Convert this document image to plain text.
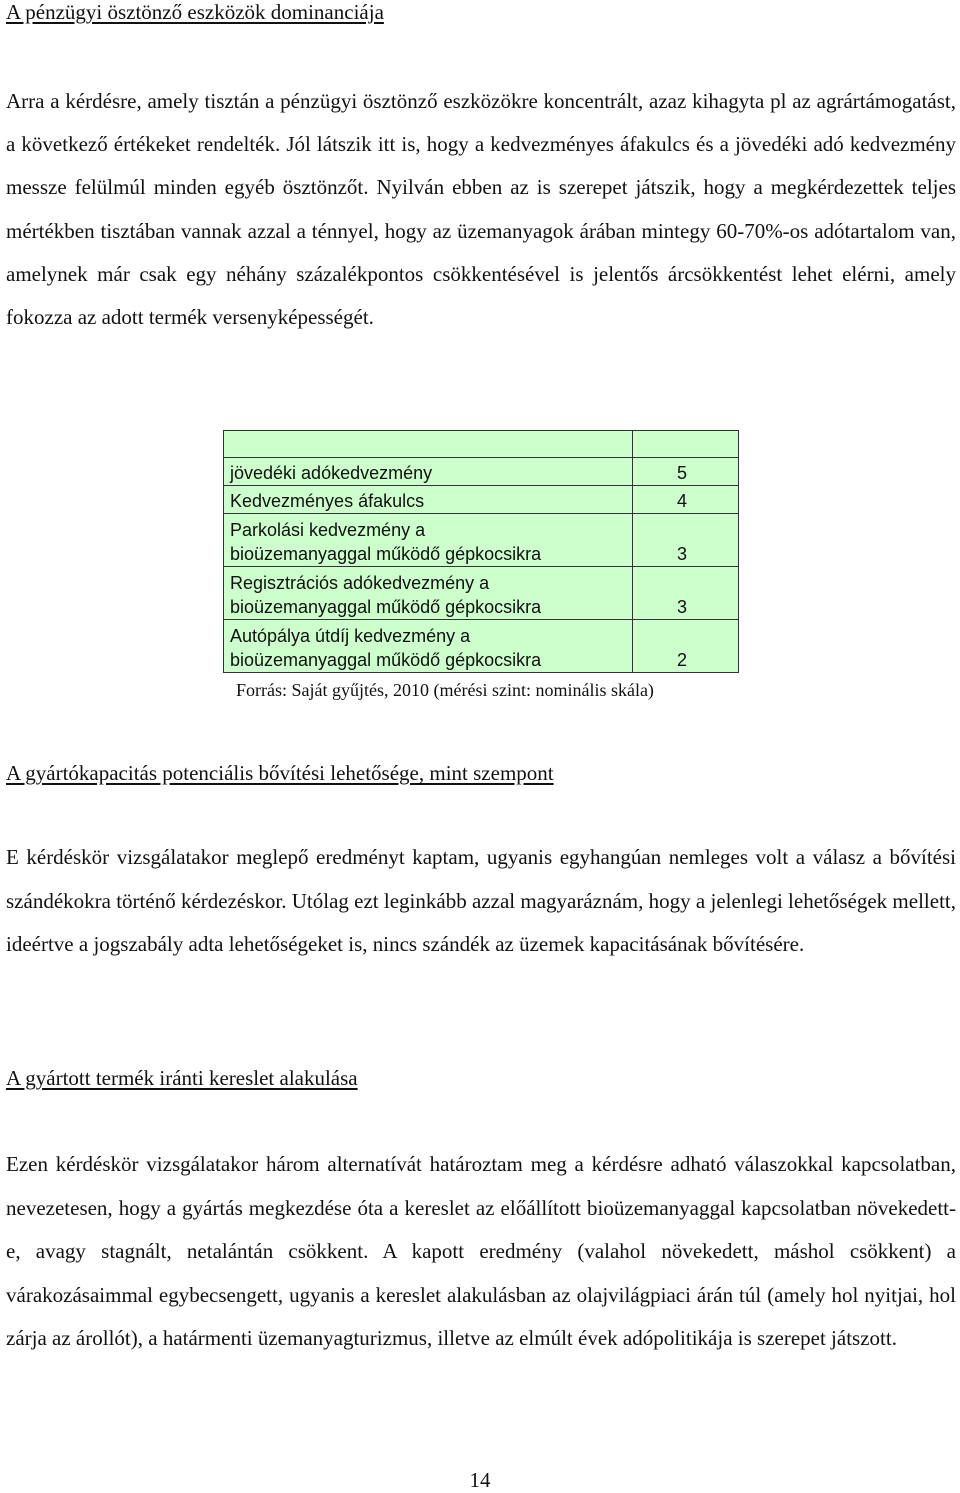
A pénzügyi ösztönző eszközök dominanciája

Arra a kérdésre, amely tisztán a pénzügyi ösztönző eszközökre koncentrált, azaz kihagyta pl az agrártámogatást, a következő értékeket rendelték. Jól látszik itt is, hogy a kedvezményes áfakulcs és a jövedéki adó kedvezmény messze felülmúl minden egyéb ösztönzőt. Nyilván ebben az is szerepet játszik, hogy a megkérdezettek teljes mértékben tisztában vannak azzal a ténnyel, hogy az üzemanyagok árában mintegy 60-70%-os adótartalom van, amelynek már csak egy néhány százalékpontos csökkentésével is jelentős árcsökkentést lehet elérni, amely fokozza az adott termék versenyképességét.

jövedéki adókedvezmény	5
Kedvezményes áfakulcs	4
Parkolási kedvezmény a
bioüzemanyaggal működő gépkocsikra	3
Regisztrációs adókedvezmény a
bioüzemanyaggal működő gépkocsikra	3
Autópálya útdíj kedvezmény a
bioüzemanyaggal működő gépkocsikra	2

Forrás: Saját gyűjtés, 2010 (mérési szint: nominális skála)

A gyártókapacitás potenciális bővítési lehetősége, mint szempont

E kérdéskör vizsgálatakor meglepő eredményt kaptam, ugyanis egyhangúan nemleges volt a válasz a bővítési szándékokra történő kérdezéskor. Utólag ezt leginkább azzal magyaráznám, hogy a jelenlegi lehetőségek mellett, ideértve a jogszabály adta lehetőségeket is, nincs szándék az üzemek kapacitásának bővítésére.

A gyártott termék iránti kereslet alakulása

Ezen kérdéskör vizsgálatakor három alternatívát határoztam meg a kérdésre adható válaszokkal kapcsolatban, nevezetesen, hogy a gyártás megkezdése óta a kereslet az előállított bioüzemanyaggal kapcsolatban növekedett-e, avagy stagnált, netalántán csökkent. A kapott eredmény (valahol növekedett, máshol csökkent) a várakozásaimmal egybecsengett, ugyanis a kereslet alakulásban az olajvilágpiaci árán túl (amely hol nyitjai, hol zárja az árollót), a határmenti üzemanyagturizmus, illetve az elmúlt évek adópolitikája is szerepet játszott.

14
